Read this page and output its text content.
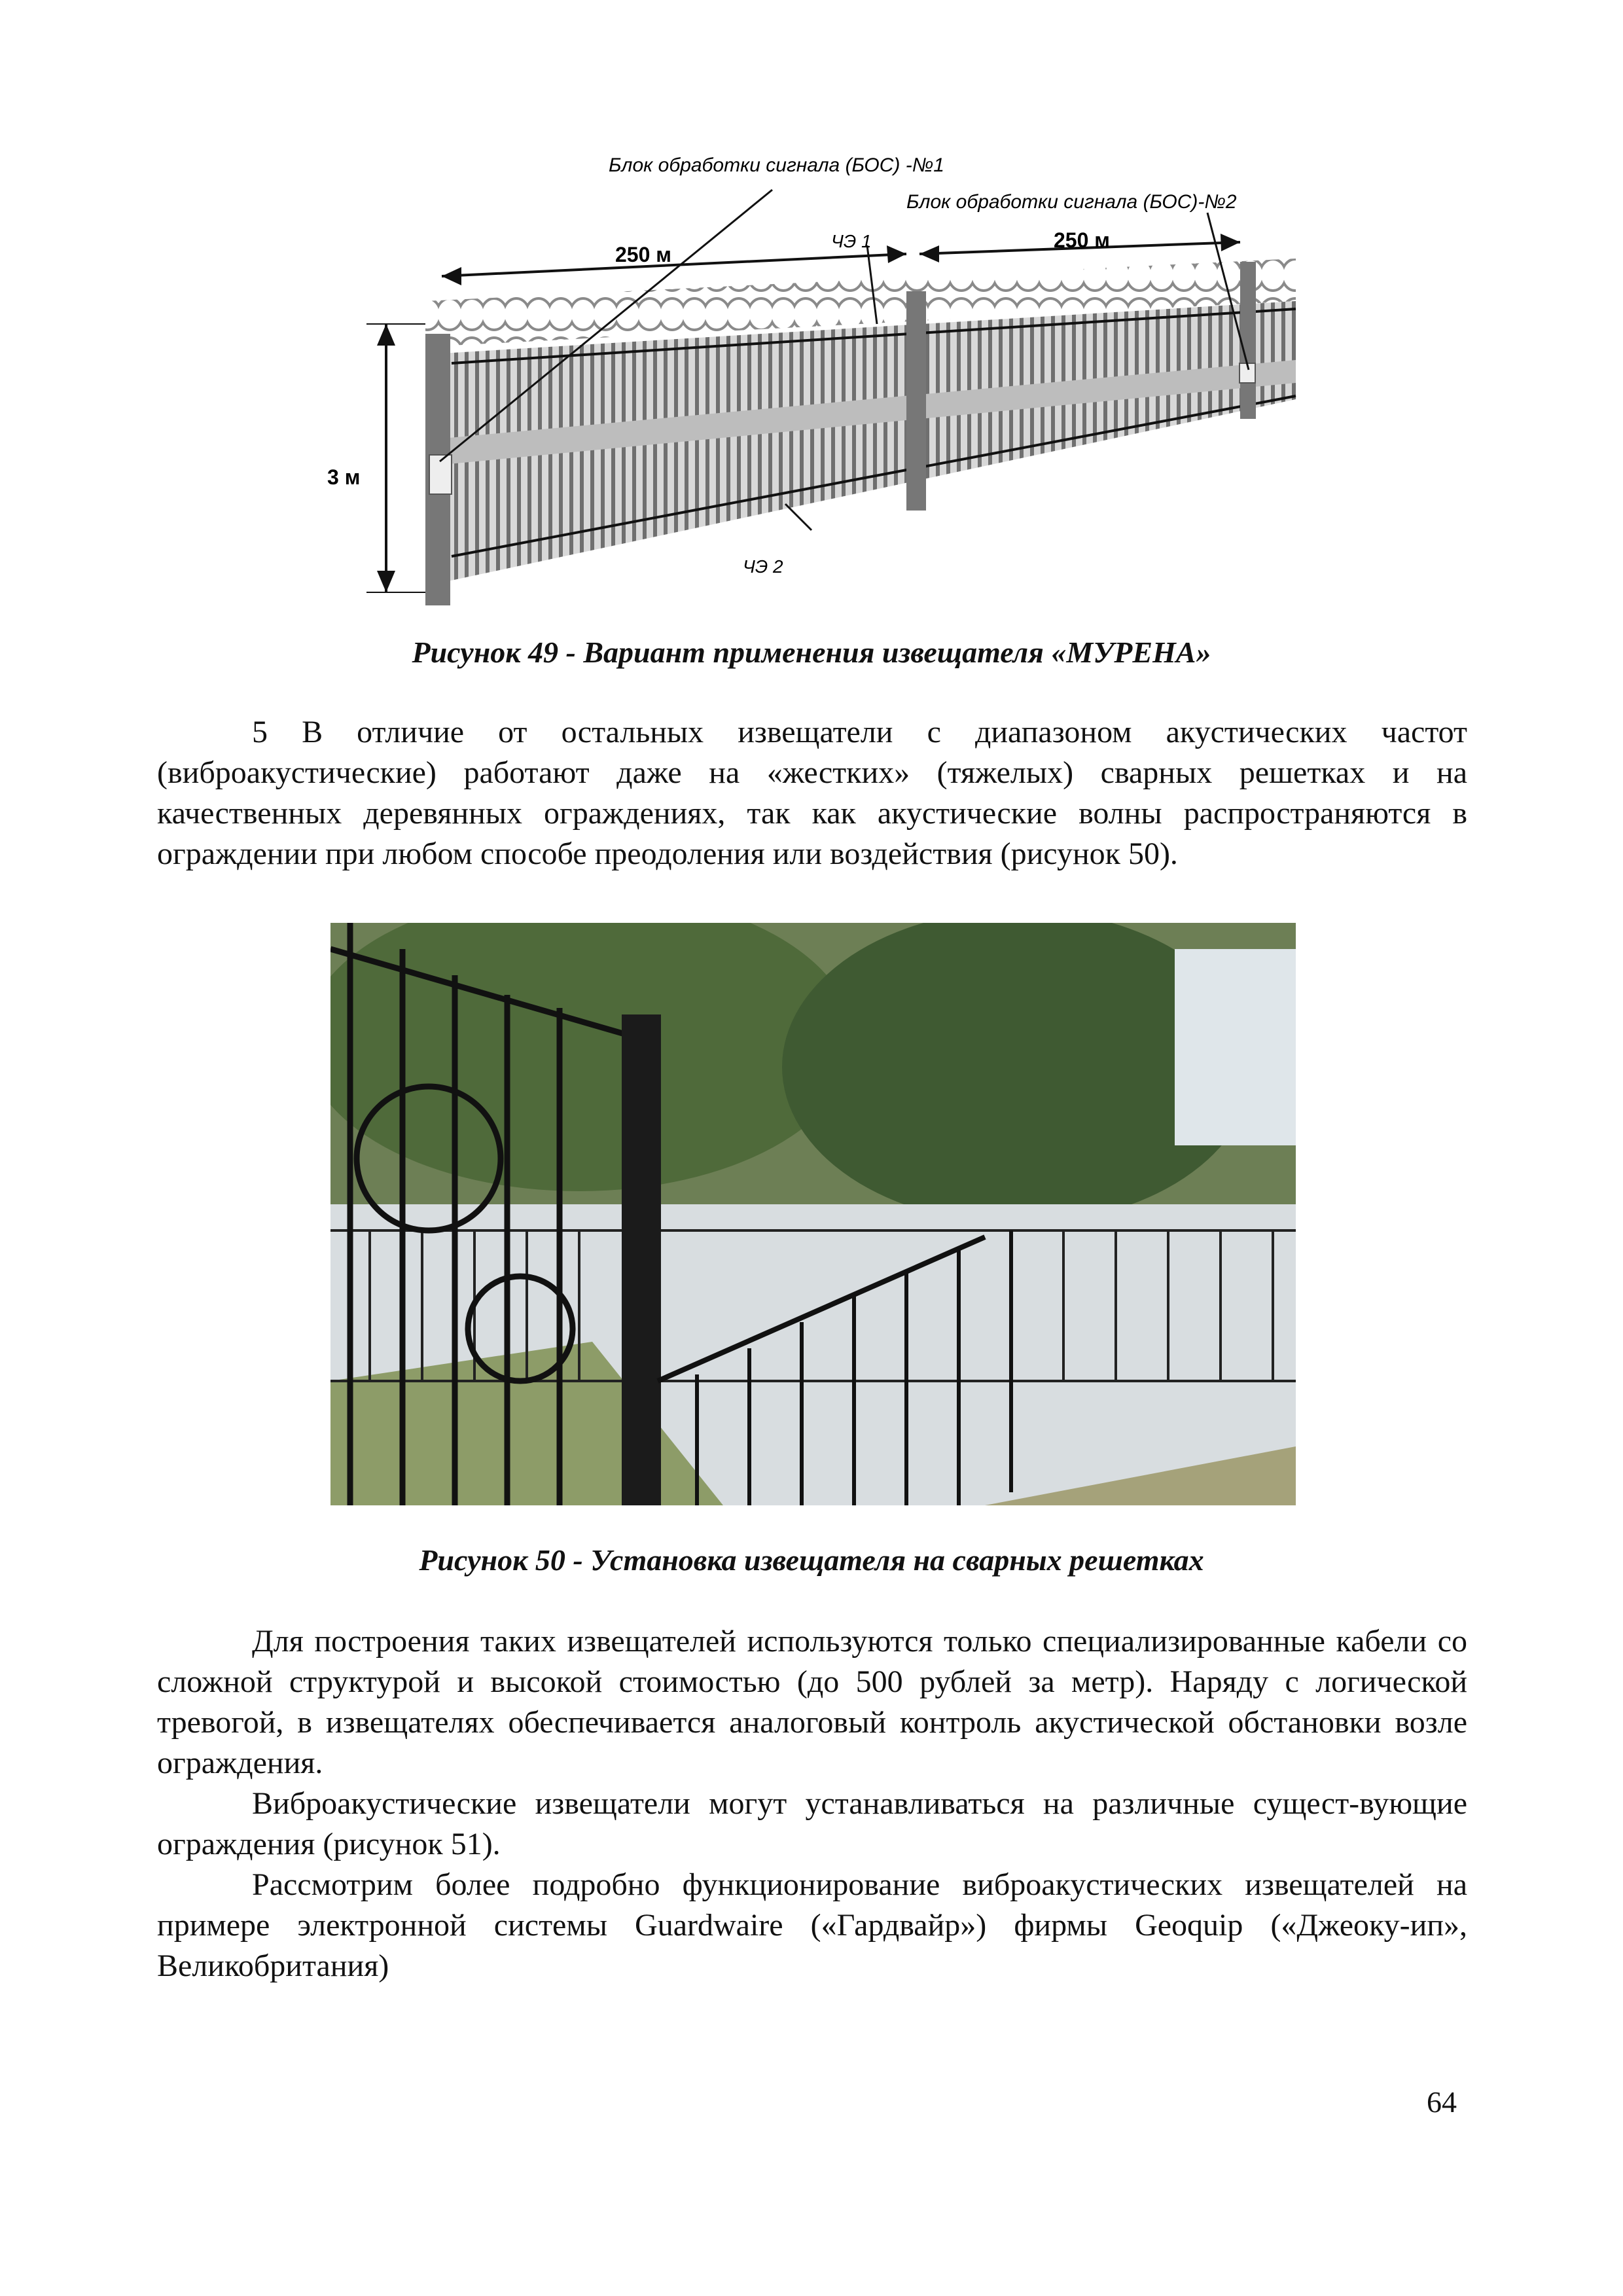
Блок обработки сигнала (БОС) -№1
Блок обработки сигнала (БОС)-№2
250 м
250 м
ЧЭ 1
ЧЭ 2
3 м
Рисунок 49 - Вариант применения извещателя «МУРЕНА»

5 В отличие от остальных извещатели с диапазоном акустических частот (виброакустические) работают даже на «жестких» (тяжелых) сварных решетках и на качественных деревянных ограждениях, так как акустические волны распространяются в ограждении при любом способе преодоления или воздействия (рисунок 50).

Рисунок 50 - Установка извещателя на сварных решетках

Для построения таких извещателей используются только специализированные кабели со сложной структурой и высокой стоимостью (до 500 рублей за метр). Наряду с логической тревогой, в извещателях обеспечивается аналоговый контроль акустической обстановки возле ограждения.

Виброакустические извещатели могут устанавливаться на различные сущест-вующие ограждения (рисунок 51).

Рассмотрим более подробно функционирование виброакустических извещателей на примере электронной системы Guardwaire («Гардвайр») фирмы Geoquip («Джеоку-ип», Великобритания)

64
